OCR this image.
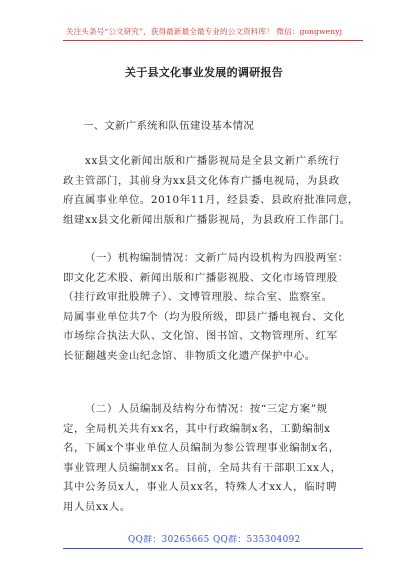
关注头条号“公文研究”，获得最新最全最专业的公文资料库！ 微信：gongwenyj
关于县文化事业发展的调研报告
一、文新广系统和队伍建设基本情况
xx县文化新闻出版和广播影视局是全县文新广系统行
政主管部门，其前身为xx县文化体育广播电视局，为县政
府直属事业单位。2010年11月，经县委、县政府批准同意，
组建xx县文化新闻出版和广播影视局，为县政府工作部门。
（一）机构编制情况：文新广局内设机构为四股两室：
即文化艺术股、新闻出版和广播影视股、文化市场管理股
（挂行政审批股牌子）、文博管理股、综合室、监察室。
局属事业单位共7个（均为股所级，即县广播电视台、文化
市场综合执法大队、文化馆、图书馆、文物管理所、红军
长征翻越夹金山纪念馆、非物质文化遗产保护中心。
（二）人员编制及结构分布情况：按“三定方案”规
定，全局机关共有xx名，其中行政编制x名，工勤编制x
名，下属x个事业单位人员编制为参公管理事业编制x名，
事业管理人员编制xx名。目前，全局共有干部职工xx人，
其中公务员x人，事业人员xx名，特殊人才xx人，临时聘
用人员xx人。
QQ群：30265665 QQ群：535304092
